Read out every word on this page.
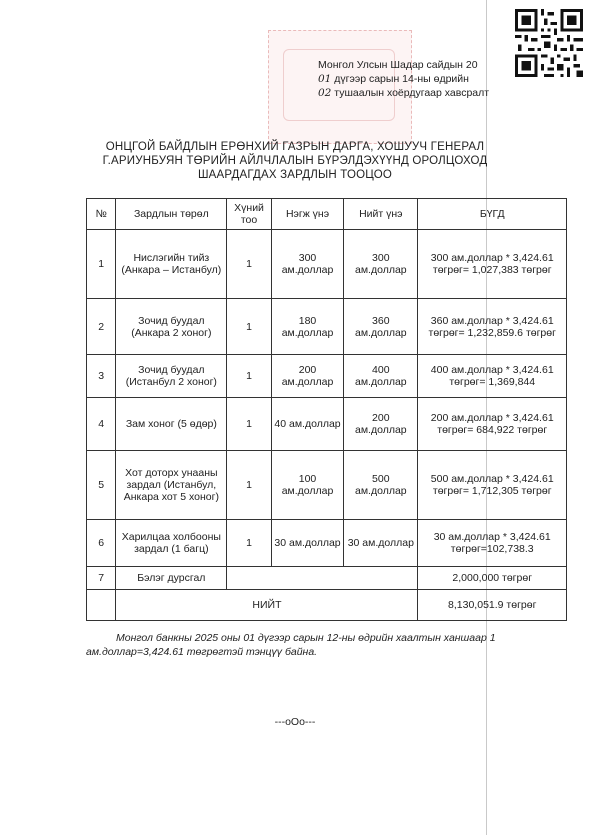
Монгол Улсын Шадар сайдын 20
01 дүгээр сарын 14-ны өдрийн
02 тушаалын хоёрдугаар хавсралт
ОНЦГОЙ БАЙДЛЫН ЕРӨНХИЙ ГАЗРЫН ДАРГА, ХОШУУЧ ГЕНЕРАЛ
Г.АРИУНБУЯН ТӨРИЙН АЙЛЧЛАЛЫН БҮРЭЛДЭХҮҮНД ОРОЛЦОХОД
ШААРДАГДАХ ЗАРДЛЫН ТООЦОО
№	Зардлын төрөл	Хүний тоо	Нэгж үнэ	Нийт үнэ	БҮГД
1	Нислэгийн тийз (Анкара – Истанбул)	1	300 ам.доллар	300 ам.доллар	300 ам.доллар * 3,424.61 төгрөг= 1,027,383 төгрөг
2	Зочид буудал (Анкара 2 хоног)	1	180 ам.доллар	360 ам.доллар	360 ам.доллар * 3,424.61 төгрөг= 1,232,859.6 төгрөг
3	Зочид буудал (Истанбул 2 хоног)	1	200 ам.доллар	400 ам.доллар	400 ам.доллар * 3,424.61 төгрөг= 1,369,844
4	Зам хоног (5 өдөр)	1	40 ам.доллар	200 ам.доллар	200 ам.доллар * 3,424.61 төгрөг= 684,922 төгрөг
5	Хот доторх унааны зардал (Истанбул, Анкара хот 5 хоног)	1	100 ам.доллар	500 ам.доллар	500 ам.доллар * 3,424.61 төгрөг= 1,712,305 төгрөг
6	Харилцаа холбооны зардал (1 багц)	1	30 ам.доллар	30 ам.доллар	30 ам.доллар * 3,424.61 төгрөг=102,738.3
7	Бэлэг дурсгал				2,000,000 төгрөг
	НИЙТ				8,130,051.9 төгрөг
Монгол банкны 2025 оны 01 дүгээр сарын 12-ны өдрийн хаалтын ханшаар 1 ам.доллар=3,424.61 төгрөгтэй тэнцүү байна.
---oOo---
